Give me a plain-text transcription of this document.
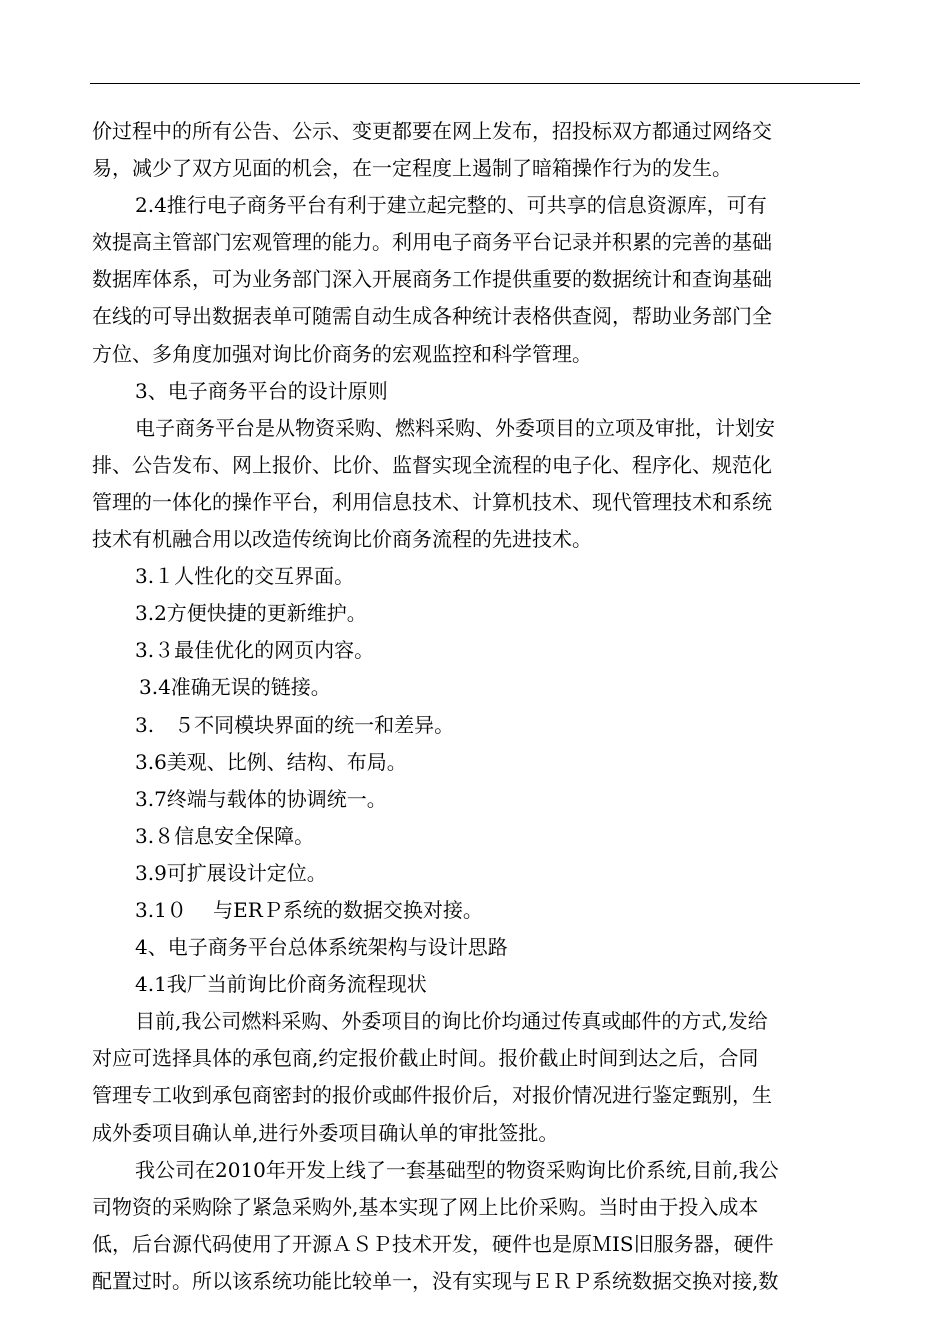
价过程中的所有公告、公示、变更都要在网上发布，招投标双方都通过网络交
易，减少了双方见面的机会，在一定程度上遏制了暗箱操作行为的发生。
2.4推行电子商务平台有利于建立起完整的、可共享的信息资源库，可有
效提高主管部门宏观管理的能力。利用电子商务平台记录并积累的完善的基础
数据库体系，可为业务部门深入开展商务工作提供重要的数据统计和查询基础
在线的可导出数据表单可随需自动生成各种统计表格供查阅，帮助业务部门全
方位、多角度加强对询比价商务的宏观监控和科学管理。
3、电子商务平台的设计原则
电子商务平台是从物资采购、燃料采购、外委项目的立项及审批，计划安
排、公告发布、网上报价、比价、监督实现全流程的电子化、程序化、规范化
管理的一体化的操作平台，利用信息技术、计算机技术、现代管理技术和系统
技术有机融合用以改造传统询比价商务流程的先进技术。
3.１人性化的交互界面。
3.2方便快捷的更新维护。
3.３最佳优化的网页内容。
3.4准确无误的链接。
3.　５不同模块界面的统一和差异。
3.6美观、比例、结构、布局。
3.7终端与载体的协调统一。
3.８信息安全保障。
3.9可扩展设计定位。
3.1０　 与ERＰ系统的数据交换对接。
4、电子商务平台总体系统架构与设计思路
4.1我厂当前询比价商务流程现状
目前,我公司燃料采购、外委项目的询比价均通过传真或邮件的方式,发给
对应可选择具体的承包商,约定报价截止时间。报价截止时间到达之后，合同
管理专工收到承包商密封的报价或邮件报价后，对报价情况进行鉴定甄别，生
成外委项目确认单,进行外委项目确认单的审批签批。
我公司在2010年开发上线了一套基础型的物资采购询比价系统,目前,我公
司物资的采购除了紧急采购外,基本实现了网上比价采购。当时由于投入成本
低，后台源代码使用了开源ＡＳＰ技术开发，硬件也是原ＭIS旧服务器，硬件
配置过时。所以该系统功能比较单一，没有实现与ＥＲＰ系统数据交换对接,数
